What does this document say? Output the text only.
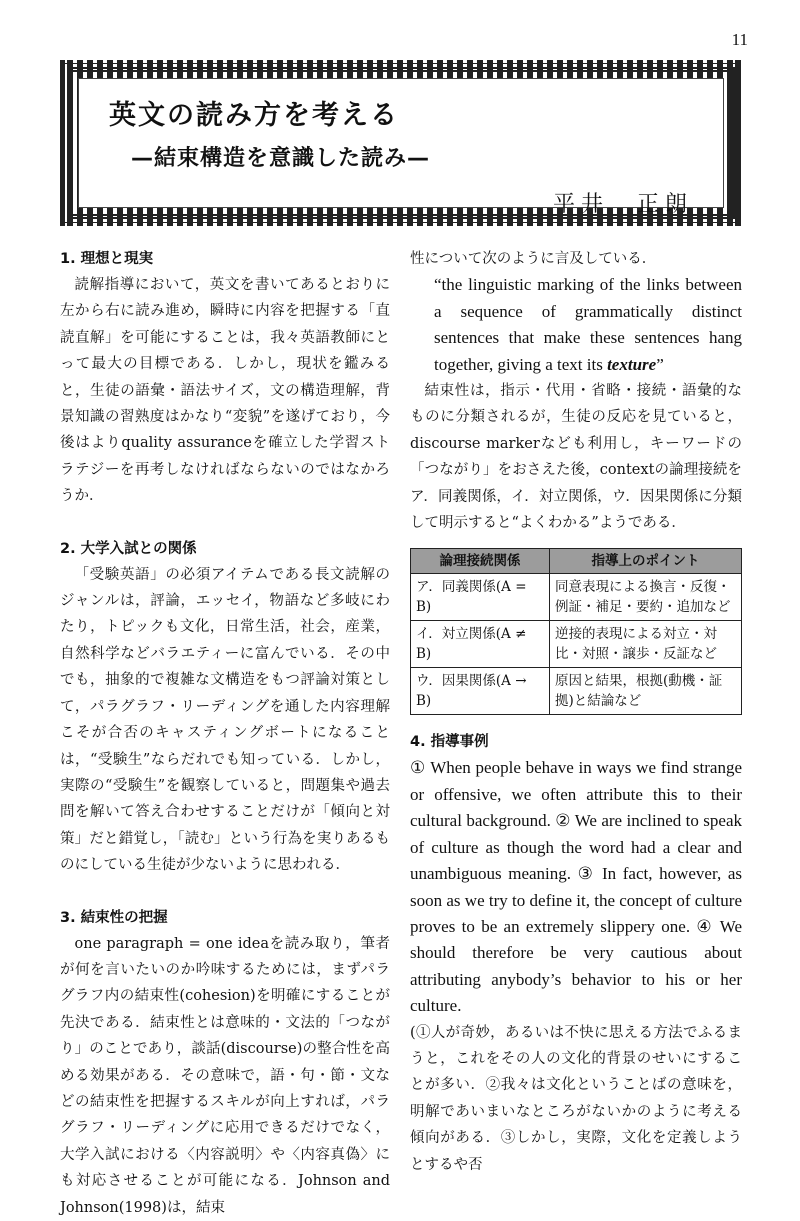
11
英文の読み方を考える
—結束構造を意識した読み—
平井　正朗
1. 理想と現実

読解指導において，英文を書いてあるとおりに左から右に読み進め，瞬時に内容を把握する「直読直解」を可能にすることは，我々英語教師にとって最大の目標である．しかし，現状を鑑みると，生徒の語彙・語法サイズ，文の構造理解，背景知識の習熟度はかなり“変貌”を遂げており，今後はよりquality assuranceを確立した学習ストラテジーを再考しなければならないのではなかろうか．

2. 大学入試との関係

「受験英語」の必須アイテムである長文読解のジャンルは，評論，エッセイ，物語など多岐にわたり，トピックも文化，日常生活，社会，産業，自然科学などバラエティーに富んでいる．その中でも，抽象的で複雑な文構造をもつ評論対策として，パラグラフ・リーディングを通した内容理解こそが合否のキャスティングボートになることは，“受験生”ならだれでも知っている．しかし，実際の“受験生”を観察していると，問題集や過去問を解いて答え合わせすることだけが「傾向と対策」だと錯覚し，「読む」という行為を実りあるものにしている生徒が少ないように思われる．

3. 結束性の把握

one paragraph = one ideaを読み取り，筆者が何を言いたいのか吟味するためには，まずパラグラフ内の結束性(cohesion)を明確にすることが先決である．結束性とは意味的・文法的「つながり」のことであり，談話(discourse)の整合性を高める効果がある．その意味で，語・句・節・文などの結束性を把握するスキルが向上すれば，パラグラフ・リーディングに応用できるだけでなく，大学入試における〈内容説明〉や〈内容真偽〉にも対応させることが可能になる．Johnson and Johnson(1998)は，結束

性について次のように言及している．

“the linguistic marking of the links between a sequence of grammatically distinct sentences that make these sentences hang together, giving a text its texture”

結束性は，指示・代用・省略・接続・語彙的なものに分類されるが，生徒の反応を見ていると，discourse markerなども利用し，キーワードの「つながり」をおさえた後，contextの論理接続を ア．同義関係，イ．対立関係，ウ．因果関係に分類して明示すると“よくわかる”ようである．

論理接続関係	指導上のポイント
ア．同義関係(A = B)	同意表現による換言・反復・例証・補足・要約・追加など
イ．対立関係(A ≠ B)	逆接的表現による対立・対比・対照・譲歩・反証など
ウ．因果関係(A → B)	原因と結果，根拠(動機・証拠)と結論など
4. 指導事例

① When people behave in ways we find strange or offensive, we often attribute this to their cultural background. ② We are inclined to speak of culture as though the word had a clear and unambiguous meaning. ③ In fact, however, as soon as we try to define it, the concept of culture proves to be an extremely slippery one. ④ We should therefore be very cautious about attributing anybody’s behavior to his or her culture.

(①人が奇妙，あるいは不快に思える方法でふるまうと，これをその人の文化的背景のせいにすることが多い．②我々は文化ということばの意味を，明解であいまいなところがないかのように考える傾向がある．③しかし，実際，文化を定義しようとするや否
